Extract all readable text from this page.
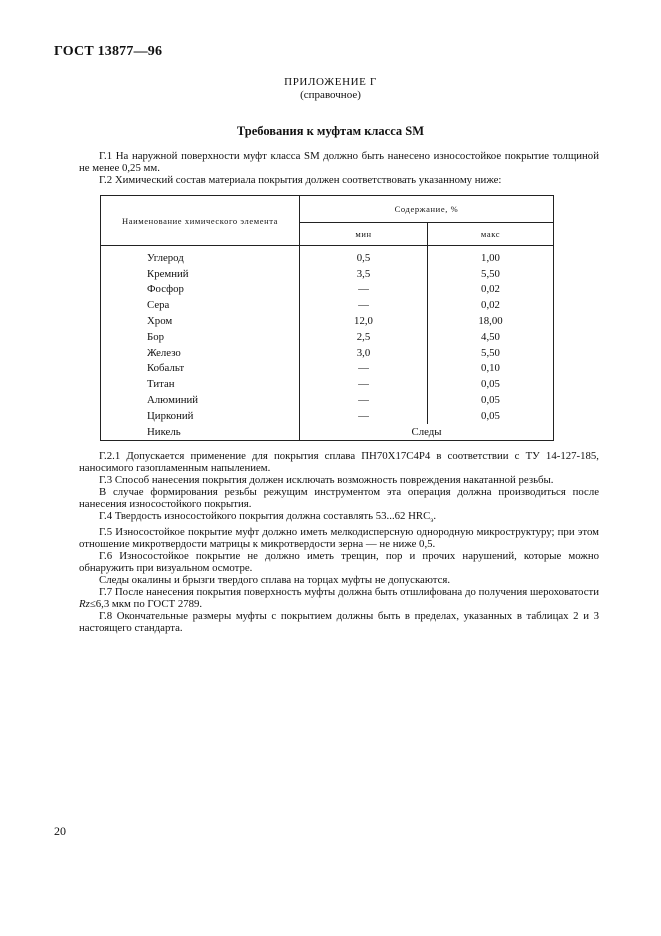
ГОСТ 13877—96
ПРИЛОЖЕНИЕ Г
(справочное)
Требования к муфтам класса SM

Г.1 На наружной поверхности муфт класса SM должно быть нанесено износостойкое покрытие толщиной не менее 0,25 мм.

Г.2 Химический состав материала покрытия должен соответствовать указанному ниже:

Наименование химического элемента	Содержание, %	
	мин	макс
Углерод	0,5	1,00
Кремний	3,5	5,50
Фосфор	—	0,02
Сера	—	0,02
Хром	12,0	18,00
Бор	2,5	4,50
Железо	3,0	5,50
Кобальт	—	0,10
Титан	—	0,05
Алюминий	—	0,05
Цирконий	—	0,05
Никель	Следы	

Г.2.1 Допускается применение для покрытия сплава ПН70Х17С4Р4 в соответствии с ТУ 14-127-185, наносимого газопламенным напылением.

Г.3 Способ нанесения покрытия должен исключать возможность повреждения накатанной резьбы.

В случае формирования резьбы режущим инструментом эта операция должна производиться после нанесения износостойкого покрытия.

Г.4 Твердость износостойкого покрытия должна составлять 53...62 $HRC_э$.

Г.5 Износостойкое покрытие муфт должно иметь мелкодисперсную однородную микроструктуру; при этом отношение микротвердости матрицы к микротвердости зерна — не ниже 0,5.

Г.6 Износостойкое покрытие не должно иметь трещин, пор и прочих нарушений, которые можно обнаружить при визуальном осмотре.

Следы окалины и брызги твердого сплава на торцах муфты не допускаются.

Г.7 После нанесения покрытия поверхность муфты должна быть отшлифована до получения шероховатости Rz≤6,3 мкм по ГОСТ 2789.

Г.8 Окончательные размеры муфты с покрытием должны быть в пределах, указанных в таблицах 2 и 3 настоящего стандарта.

20
